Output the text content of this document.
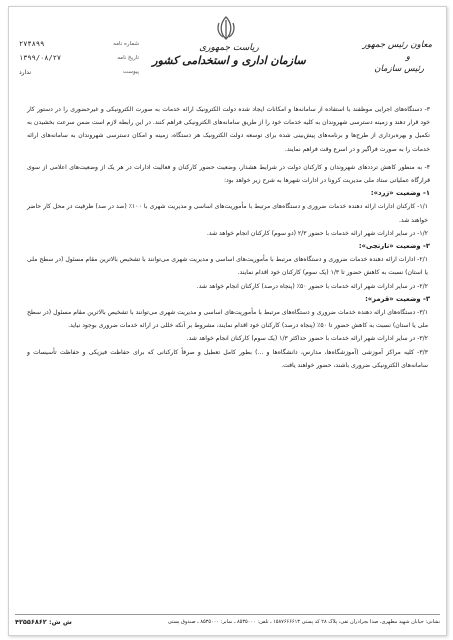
شماره نامه
۲۷۴۸۹۹
تاریخ نامه
۱۳۹۹/۰۸/۲۷
پیوست
ندارد
ریاست جمهوری
سازمان اداری و استخدامی کشور
معاون رئیس جمهور
و
رئیس سازمان

۳- دستگاه‌های اجرایی موظفند با استفاده از سامانه‌ها و امکانات ایجاد شده دولت الکترونیک ارائه خدمات به صورت الکترونیکی و غیرحضوری را در دستور کار خود قرار دهند و زمینه دسترسی شهروندان به کلیه خدمات خود را از طریق سامانه‌های الکترونیکی فراهم کنند. در این رابطه لازم است ضمن سرعت بخشیدن به تکمیل و بهره‌برداری از طرح‌ها و برنامه‌های پیش‌بینی شده برای توسعه دولت الکترونیک هر دستگاه، زمینه و امکان دسترسی شهروندان به سامانه‌های ارائه خدمات را به صورت فراگیر و در اسرع وقت فراهم نمایند.

۴- به منظور کاهش ترددهای شهروندان و کارکنان دولت در شرایط هشدار، وضعیت حضور کارکنان و فعالیت ادارات در هر یک از وضعیت‌های اعلامی از سوی قرارگاه عملیاتی ستاد ملی مدیریت کرونا در ادارات شهرها به شرح زیر خواهد بود:

۱- وضعیت «زرد»:

۱/۱- کارکنان ادارات ارائه دهنده خدمات ضروری و دستگاه‌های مرتبط با مأموریت‌های اساسی و مدیریت شهری با ۱۰۰٪ (صد در صد) ظرفیت در محل کار حاضر خواهند شد.

۱/۲- در سایر ادارات شهر ارائه خدمات با حضور ۲/۳ (دو سوم) کارکنان انجام خواهد شد.

۲- وضعیت «نارنجی»:

۲/۱- ادارات ارائه دهنده خدمات ضروری و دستگاه‌های مرتبط با مأموریت‌های اساسی و مدیریت شهری می‌توانند با تشخیص بالاترین مقام مسئول (در سطح ملی یا استان) نسبت به کاهش حضور تا ۱/۳ (یک سوم) کارکنان خود اقدام نمایند.

۲/۲- در سایر ادارات شهر ارائه خدمات با حضور ۵۰٪ (پنجاه درصد) کارکنان انجام خواهد شد.

۳- وضعیت «قرمز»:

۳/۱- دستگاه‌های ارائه دهنده خدمات ضروری و دستگاه‌های مرتبط با مأموریت‌های اساسی و مدیریت شهری می‌توانند با تشخیص بالاترین مقام مسئول (در سطح ملی یا استان) نسبت به کاهش حضور تا ۵۰٪ (پنجاه درصد) کارکنان خود اقدام نمایند، مشروط بر آنکه خللی در ارائه خدمات ضروری بوجود نیاید.

۳/۲- در سایر ادارات شهر ارائه خدمات با حضور حداکثر ۱/۳ (یک سوم) کارکنان انجام خواهد شد.

۳/۳- کلیه مراکز آموزشی (آموزشگاه‌ها، مدارس، دانشگاه‌ها و ...) بطور کامل تعطیل و صرفاً کارکنانی که برای حفاظت فیزیکی و حفاظت تأسیسات و سامانه‌های الکترونیکی ضروری باشند، حضور خواهند یافت.

نشانی: خیابان شهید مطهری، صدا بجرادران تقی، پلاک ۲۸ کد پستی ۱۵۸۷۶۶۶۶۱۳ ـ تلفن: ۸۵۳۵۰۰۰ ـ نمابر: ۸۵۳۵۰۰۰ ـ صندوق پستی
ش ش: ۴۲۵۵۶۸۶۲
